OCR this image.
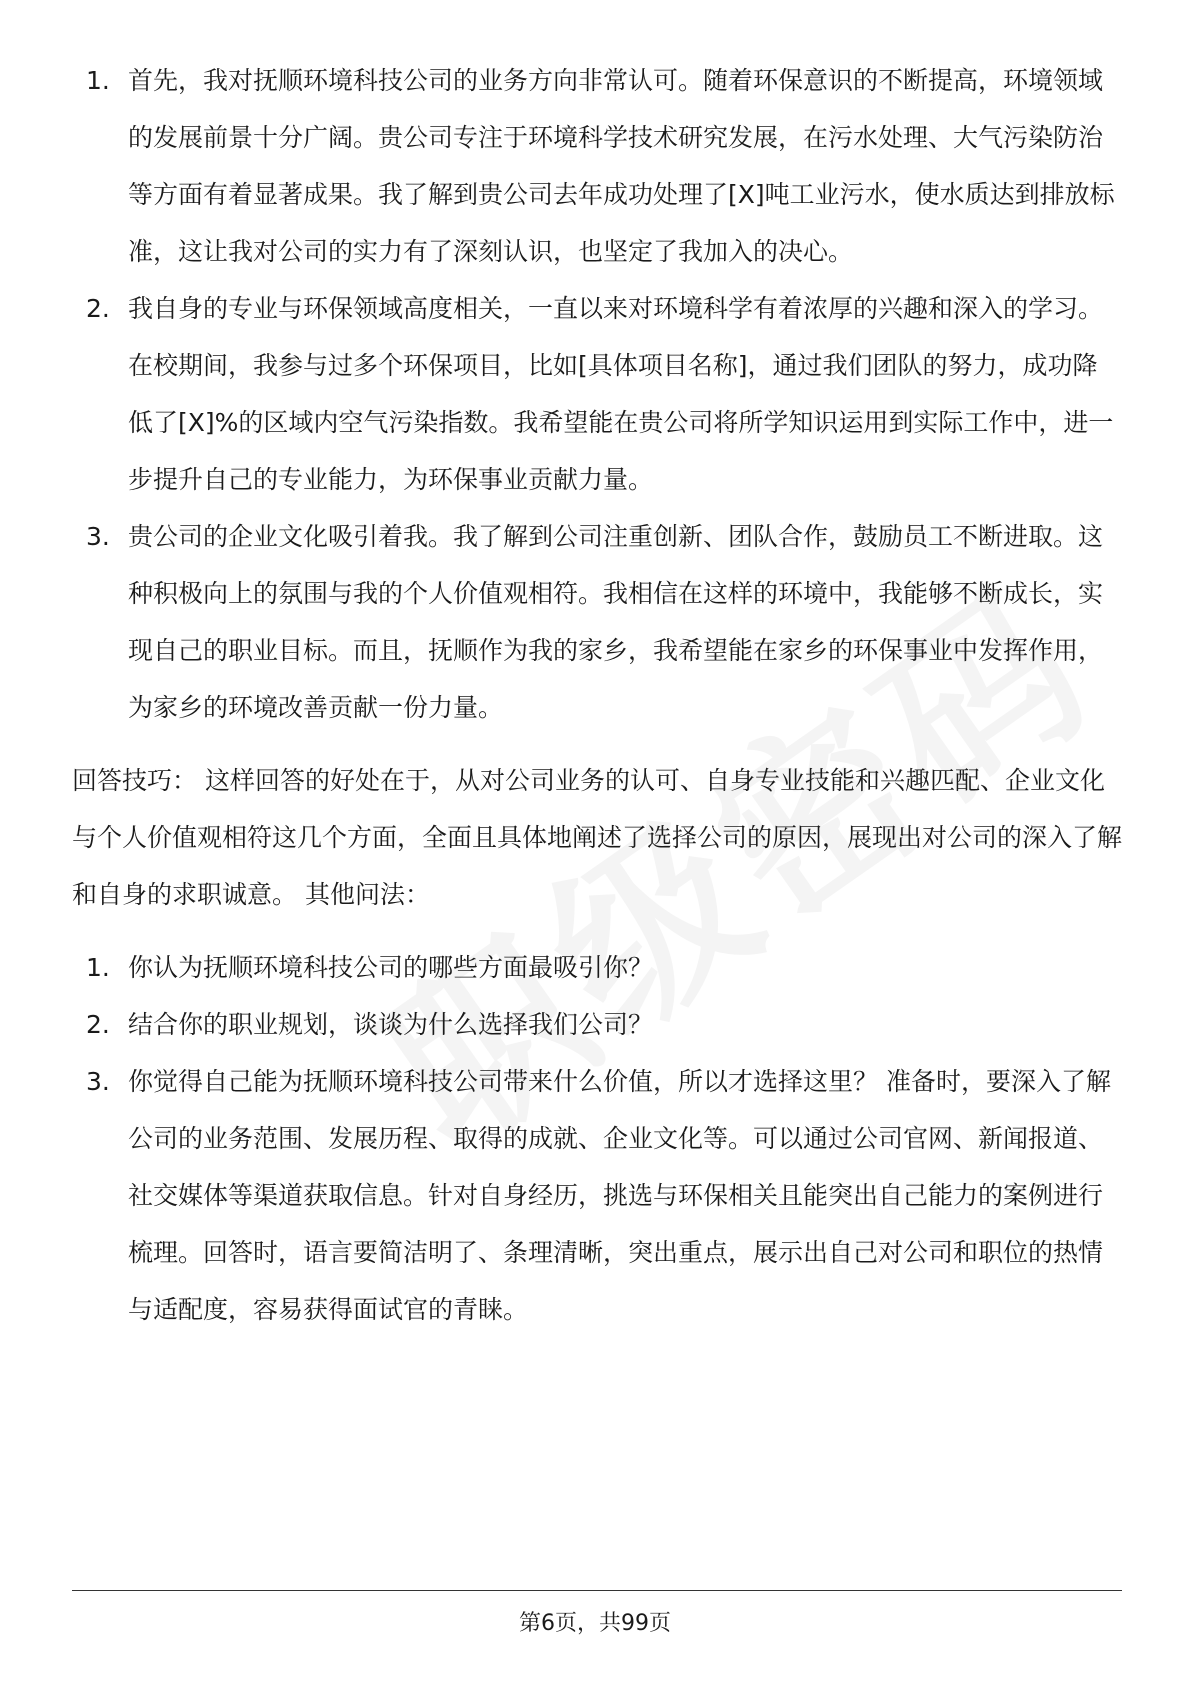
1. 首先，我对抚顺环境科技公司的业务方向非常认可。随着环保意识的不断提高，环境领域的发展前景十分广阔。贵公司专注于环境科学技术研究发展，在污水处理、大气污染防治等方面有着显著成果。我了解到贵公司去年成功处理了[X]吨工业污水，使水质达到排放标准，这让我对公司的实力有了深刻认识，也坚定了我加入的决心。
2. 我自身的专业与环保领域高度相关，一直以来对环境科学有着浓厚的兴趣和深入的学习。在校期间，我参与过多个环保项目，比如[具体项目名称]，通过我们团队的努力，成功降低了[X]%的区域内空气污染指数。我希望能在贵公司将所学知识运用到实际工作中，进一步提升自己的专业能力，为环保事业贡献力量。
3. 贵公司的企业文化吸引着我。我了解到公司注重创新、团队合作，鼓励员工不断进取。这种积极向上的氛围与我的个人价值观相符。我相信在这样的环境中，我能够不断成长，实现自己的职业目标。而且，抚顺作为我的家乡，我希望能在家乡的环保事业中发挥作用，为家乡的环境改善贡献一份力量。

回答技巧： 这样回答的好处在于，从对公司业务的认可、自身专业技能和兴趣匹配、企业文化与个人价值观相符这几个方面，全面且具体地阐述了选择公司的原因，展现出对公司的深入了解和自身的求职诚意。 其他问法：

1. 你认为抚顺环境科技公司的哪些方面最吸引你？
2. 结合你的职业规划，谈谈为什么选择我们公司？
3. 你觉得自己能为抚顺环境科技公司带来什么价值，所以才选择这里？ 准备时，要深入了解公司的业务范围、发展历程、取得的成就、企业文化等。可以通过公司官网、新闻报道、社交媒体等渠道获取信息。针对自身经历，挑选与环保相关且能突出自己能力的案例进行梳理。回答时，语言要简洁明了、条理清晰，突出重点，展示出自己对公司和职位的热情与适配度，容易获得面试官的青睐。
第6页，共99页
